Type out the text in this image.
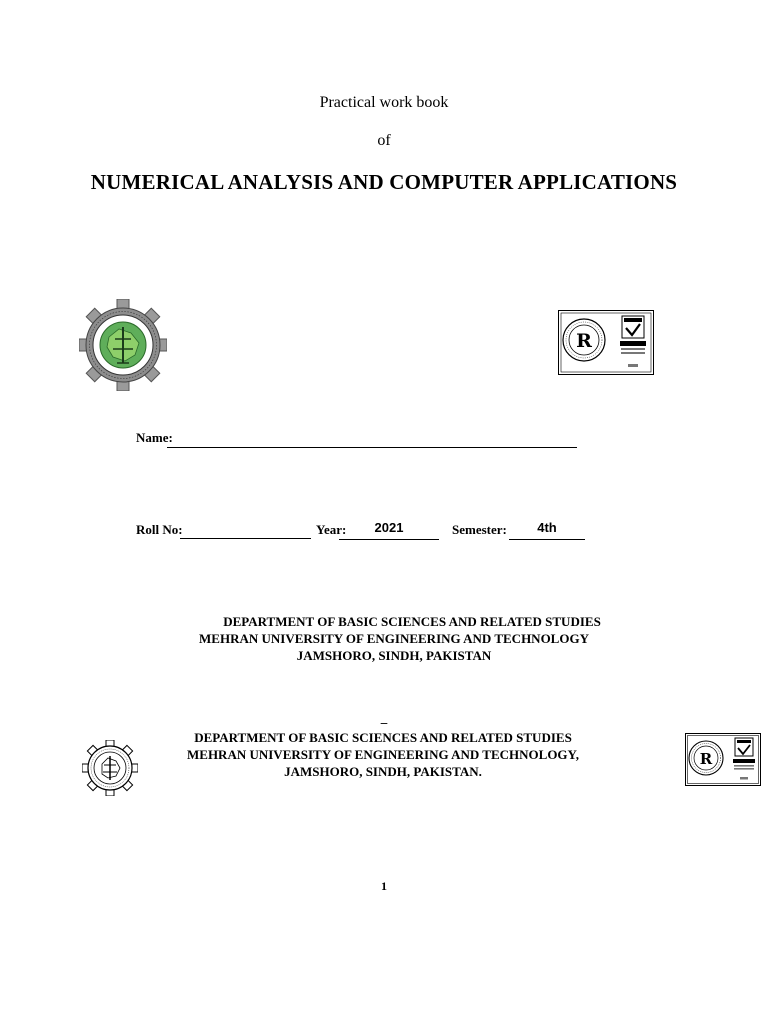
Practical work book
of
NUMERICAL ANALYSIS AND COMPUTER APPLICATIONS
R
Name:
Roll No:	Year:	2021	Semester:	4th
DEPARTMENT OF BASIC SCIENCES AND RELATED STUDIES
MEHRAN UNIVERSITY OF ENGINEERING AND TECHNOLOGY
JAMSHORO, SINDH, PAKISTAN
_
DEPARTMENT OF BASIC SCIENCES AND RELATED STUDIES
MEHRAN UNIVERSITY OF ENGINEERING AND TECHNOLOGY,
JAMSHORO, SINDH, PAKISTAN.
R
1
